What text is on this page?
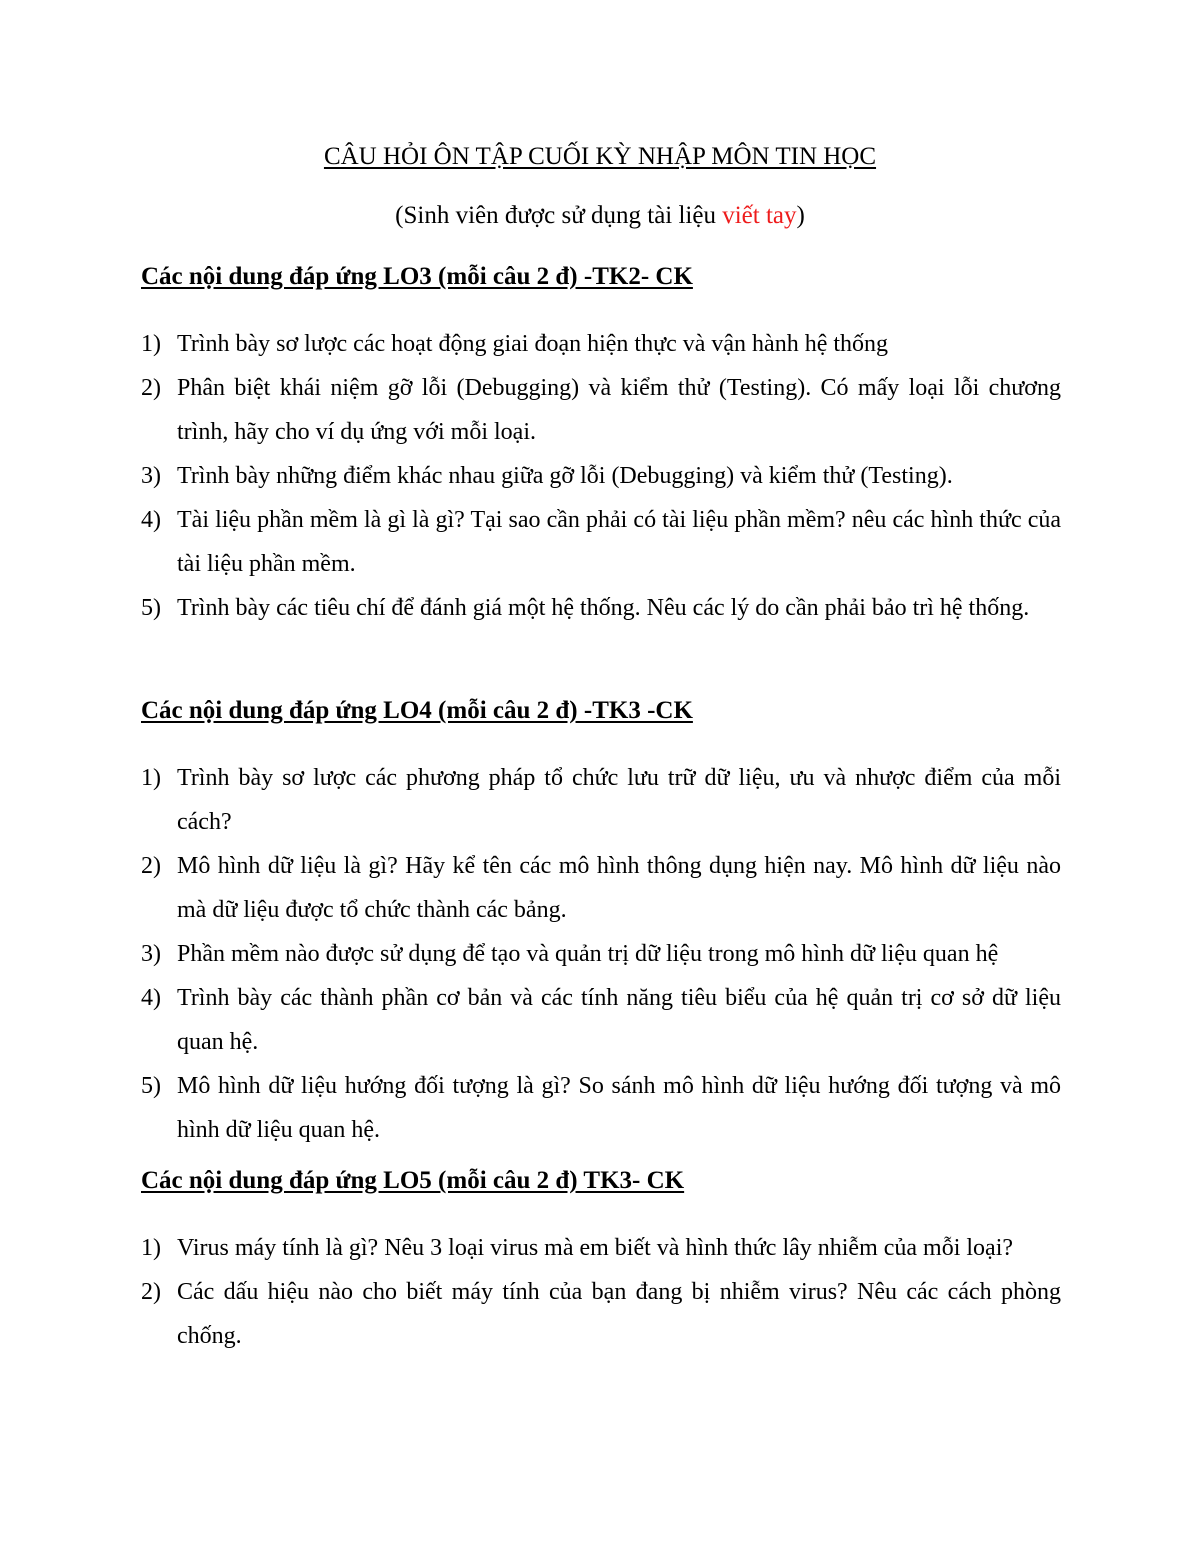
CÂU HỎI ÔN TẬP CUỐI KỲ NHẬP MÔN TIN HỌC
(Sinh viên được sử dụng tài liệu viết tay)

Các nội dung đáp ứng LO3 (mỗi câu 2 đ) -TK2- CK

1) Trình bày sơ lược các hoạt động giai đoạn hiện thực và vận hành hệ thống
2) Phân biệt khái niệm gỡ lỗi (Debugging) và kiểm thử (Testing). Có mấy loại lỗi chương trình, hãy cho ví dụ ứng với mỗi loại.
3) Trình bày những điểm khác nhau giữa gỡ lỗi (Debugging) và kiểm thử (Testing).
4) Tài liệu phần mềm là gì là gì? Tại sao cần phải có tài liệu phần mềm? nêu các hình thức của tài liệu phần mềm.
5) Trình bày các tiêu chí để đánh giá một hệ thống. Nêu các lý do cần phải bảo trì hệ thống.

Các nội dung đáp ứng LO4 (mỗi câu 2 đ) -TK3 -CK

1) Trình bày sơ lược các phương pháp tổ chức lưu trữ dữ liệu, ưu và nhược điểm của mỗi cách?
2) Mô hình dữ liệu là gì? Hãy kể tên các mô hình thông dụng hiện nay. Mô hình dữ liệu nào mà dữ liệu được tổ chức thành các bảng.
3) Phần mềm nào được sử dụng để tạo và quản trị dữ liệu trong mô hình dữ liệu quan hệ
4) Trình bày các thành phần cơ bản và các tính năng tiêu biểu của hệ quản trị cơ sở dữ liệu quan hệ.
5) Mô hình dữ liệu hướng đối tượng là gì? So sánh mô hình dữ liệu hướng đối tượng và mô hình dữ liệu quan hệ.

Các nội dung đáp ứng LO5 (mỗi câu 2 đ) TK3- CK

1) Virus máy tính là gì? Nêu 3 loại virus mà em biết và hình thức lây nhiễm của mỗi loại?
2) Các dấu hiệu nào cho biết máy tính của bạn đang bị nhiễm virus? Nêu các cách phòng chống.
